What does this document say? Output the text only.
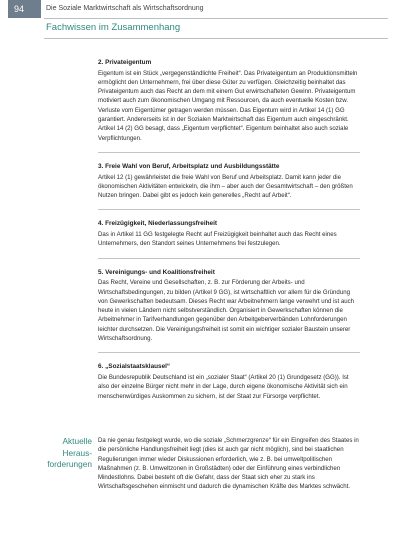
94	Die Soziale Marktwirtschaft als Wirtschaftsordnung
Fachwissen im Zusammenhang
2. Privateigentum

Eigentum ist ein Stück „vergegenständlichte Freiheit“. Das Privateigentum an Produktionsmitteln ermöglicht den Unternehmern, frei über diese Güter zu verfügen. Gleichzeitig beinhaltet das Privateigentum auch das Recht an dem mit einem Gut erwirtschafteten Gewinn. Privateigentum motiviert auch zum ökonomischen Umgang mit Ressourcen, da auch eventuelle Kosten bzw. Verluste vom Eigentümer getragen werden müssen. Das Eigentum wird in Artikel 14 (1) GG garantiert. Andererseits ist in der Sozialen Marktwirtschaft das Eigentum auch eingeschränkt. Artikel 14 (2) GG besagt, dass „Eigentum verpflichtet“. Eigentum beinhaltet also auch soziale Verpflichtungen.

3. Freie Wahl von Beruf, Arbeitsplatz und Ausbildungsstätte

Artikel 12 (1) gewährleistet die freie Wahl von Beruf und Arbeitsplatz. Damit kann jeder die ökonomischen Aktivitäten entwickeln, die ihm – aber auch der Gesamtwirtschaft – den größten Nutzen bringen. Dabei gibt es jedoch kein generelles „Recht auf Arbeit“.

4. Freizügigkeit, Niederlassungsfreiheit

Das in Artikel 11 GG festgelegte Recht auf Freizügigkeit beinhaltet auch das Recht eines Unternehmers, den Standort seines Unternehmens frei festzulegen.

5. Vereinigungs- und Koalitionsfreiheit

Das Recht, Vereine und Gesellschaften, z. B. zur Förderung der Arbeits- und Wirtschaftsbedingungen, zu bilden (Artikel 9 GG), ist wirtschaftlich vor allem für die Gründung von Gewerkschaften bedeutsam. Dieses Recht war Arbeitnehmern lange verwehrt und ist auch heute in vielen Ländern nicht selbstverständlich. Organisiert in Gewerkschaften können die Arbeitnehmer in Tarifverhandlungen gegenüber den Arbeitgeberverbänden Lohnforderungen leichter durchsetzen. Die Vereinigungsfreiheit ist somit ein wichtiger sozialer Baustein unserer Wirtschaftsordnung.

6. „Sozialstaatsklausel“

Die Bundesrepublik Deutschland ist ein „sozialer Staat“ (Artikel 20 (1) Grundgesetz (GG)). Ist also der einzelne Bürger nicht mehr in der Lage, durch eigene ökonomische Aktivität sich ein menschenwürdiges Auskommen zu sichern, ist der Staat zur Fürsorge verpflichtet.

Aktuelle
Heraus-
forderungen

Da nie genau festgelegt wurde, wo die soziale „Schmerzgrenze“ für ein Eingreifen des Staates in die persönliche Handlungsfreiheit liegt (dies ist auch gar nicht möglich), sind bei staatlichen Regulierungen immer wieder Diskussionen erforderlich, wie z. B. bei umweltpolitischen Maßnahmen (z. B. Umweltzonen in Großstädten) oder der Einführung eines verbindlichen Mindestlohns. Dabei besteht oft die Gefahr, dass der Staat sich eher zu stark ins Wirtschaftsgeschehen einmischt und dadurch die dynamischen Kräfte des Marktes schwächt.
